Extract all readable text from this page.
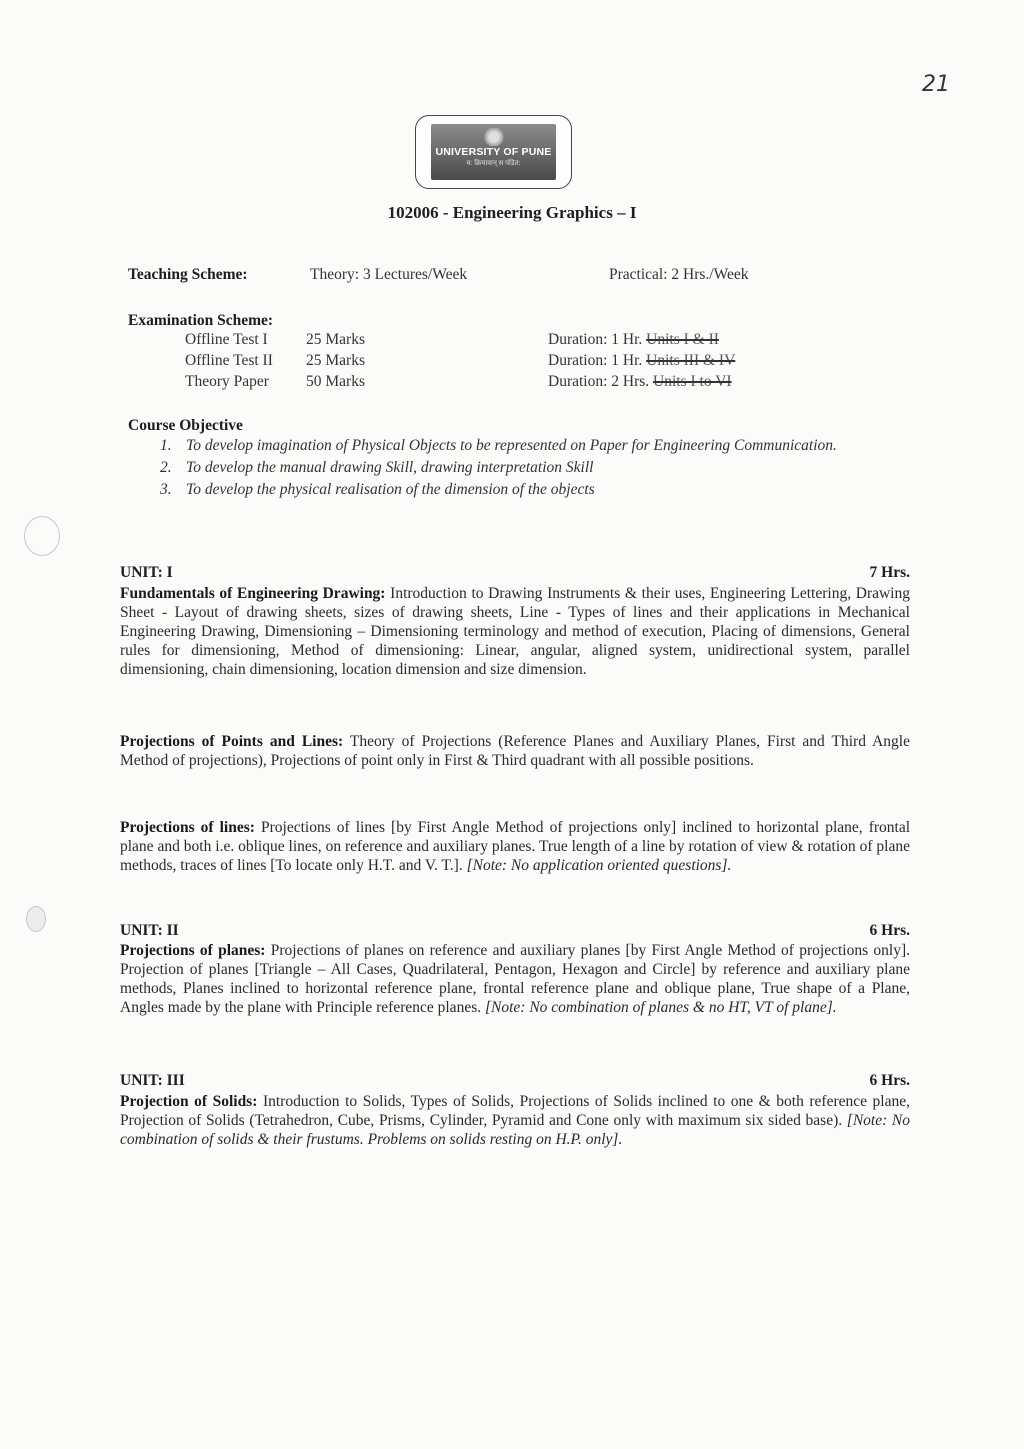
21
UNIVERSITY OF PUNE
य: क्रियावान् स पंडित:
102006 - Engineering Graphics – I
Teaching Scheme:	Theory: 3 Lectures/Week	Practical: 2 Hrs./Week
Examination Scheme:
Offline Test I 25 Marks	Duration: 1 Hr. Units I & II
Offline Test II 25 Marks	Duration: 1 Hr. Units III & IV
Theory Paper 50 Marks	Duration: 2 Hrs. Units I to VI
Course Objective
1. To develop imagination of Physical Objects to be represented on Paper for Engineering Communication.
2. To develop the manual drawing Skill, drawing interpretation Skill
3. To develop the physical realisation of the dimension of the objects
UNIT: I	7 Hrs.
Fundamentals of Engineering Drawing: Introduction to Drawing Instruments & their uses, Engineering Lettering, Drawing Sheet - Layout of drawing sheets, sizes of drawing sheets, Line - Types of lines and their applications in Mechanical Engineering Drawing, Dimensioning – Dimensioning terminology and method of execution, Placing of dimensions, General rules for dimensioning, Method of dimensioning: Linear, angular, aligned system, unidirectional system, parallel dimensioning, chain dimensioning, location dimension and size dimension.
Projections of Points and Lines: Theory of Projections (Reference Planes and Auxiliary Planes, First and Third Angle Method of projections), Projections of point only in First & Third quadrant with all possible positions.
Projections of lines: Projections of lines [by First Angle Method of projections only] inclined to horizontal plane, frontal plane and both i.e. oblique lines, on reference and auxiliary planes. True length of a line by rotation of view & rotation of plane methods, traces of lines [To locate only H.T. and V. T.]. [Note: No application oriented questions].
UNIT: II	6 Hrs.
Projections of planes: Projections of planes on reference and auxiliary planes [by First Angle Method of projections only]. Projection of planes [Triangle – All Cases, Quadrilateral, Pentagon, Hexagon and Circle] by reference and auxiliary plane methods, Planes inclined to horizontal reference plane, frontal reference plane and oblique plane, True shape of a Plane, Angles made by the plane with Principle reference planes. [Note: No combination of planes & no HT, VT of plane].
UNIT: III	6 Hrs.
Projection of Solids: Introduction to Solids, Types of Solids, Projections of Solids inclined to one & both reference plane, Projection of Solids (Tetrahedron, Cube, Prisms, Cylinder, Pyramid and Cone only with maximum six sided base). [Note: No combination of solids & their frustums. Problems on solids resting on H.P. only].
